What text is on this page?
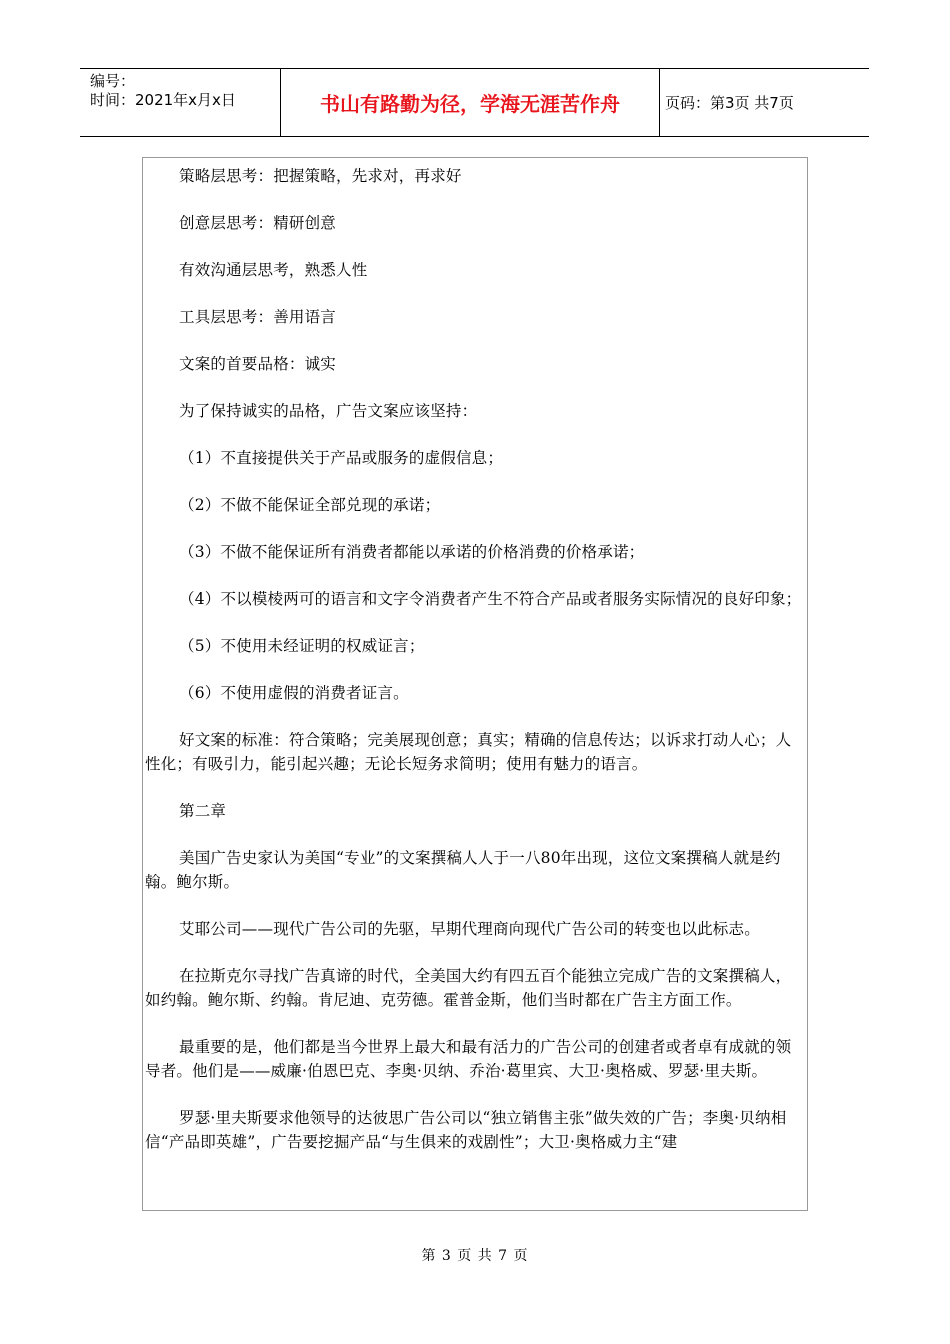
编号：
时间：2021年x月x日	书山有路勤为径，学海无涯苦作舟	页码：第3页 共7页

策略层思考：把握策略，先求对，再求好

创意层思考：精研创意

有效沟通层思考，熟悉人性

工具层思考：善用语言

文案的首要品格：诚实

为了保持诚实的品格，广告文案应该坚持：

（1）不直接提供关于产品或服务的虚假信息；

（2）不做不能保证全部兑现的承诺；

（3）不做不能保证所有消费者都能以承诺的价格消费的价格承诺；

（4）不以模棱两可的语言和文字令消费者产生不符合产品或者服务实际情况的良好印象；

（5）不使用未经证明的权威证言；

（6）不使用虚假的消费者证言。

好文案的标准：符合策略；完美展现创意；真实；精确的信息传达；以诉求打动人心；人性化；有吸引力，能引起兴趣；无论长短务求简明；使用有魅力的语言。

第二章

美国广告史家认为美国“专业”的文案撰稿人人于一八80年出现，这位文案撰稿人就是约翰。鲍尔斯。

艾耶公司——现代广告公司的先驱，早期代理商向现代广告公司的转变也以此标志。

在拉斯克尔寻找广告真谛的时代，全美国大约有四五百个能独立完成广告的文案撰稿人，如约翰。鲍尔斯、约翰。肯尼迪、克劳德。霍普金斯，他们当时都在广告主方面工作。

最重要的是，他们都是当今世界上最大和最有活力的广告公司的创建者或者卓有成就的领导者。他们是——威廉·伯恩巴克、李奥·贝纳、乔治·葛里宾、大卫·奥格威、罗瑟·里夫斯。

罗瑟·里夫斯要求他领导的达彼思广告公司以“独立销售主张”做失效的广告；李奥·贝纳相信“产品即英雄”，广告要挖掘产品“与生俱来的戏剧性”；大卫·奥格威力主“建

第 3 页 共 7 页
